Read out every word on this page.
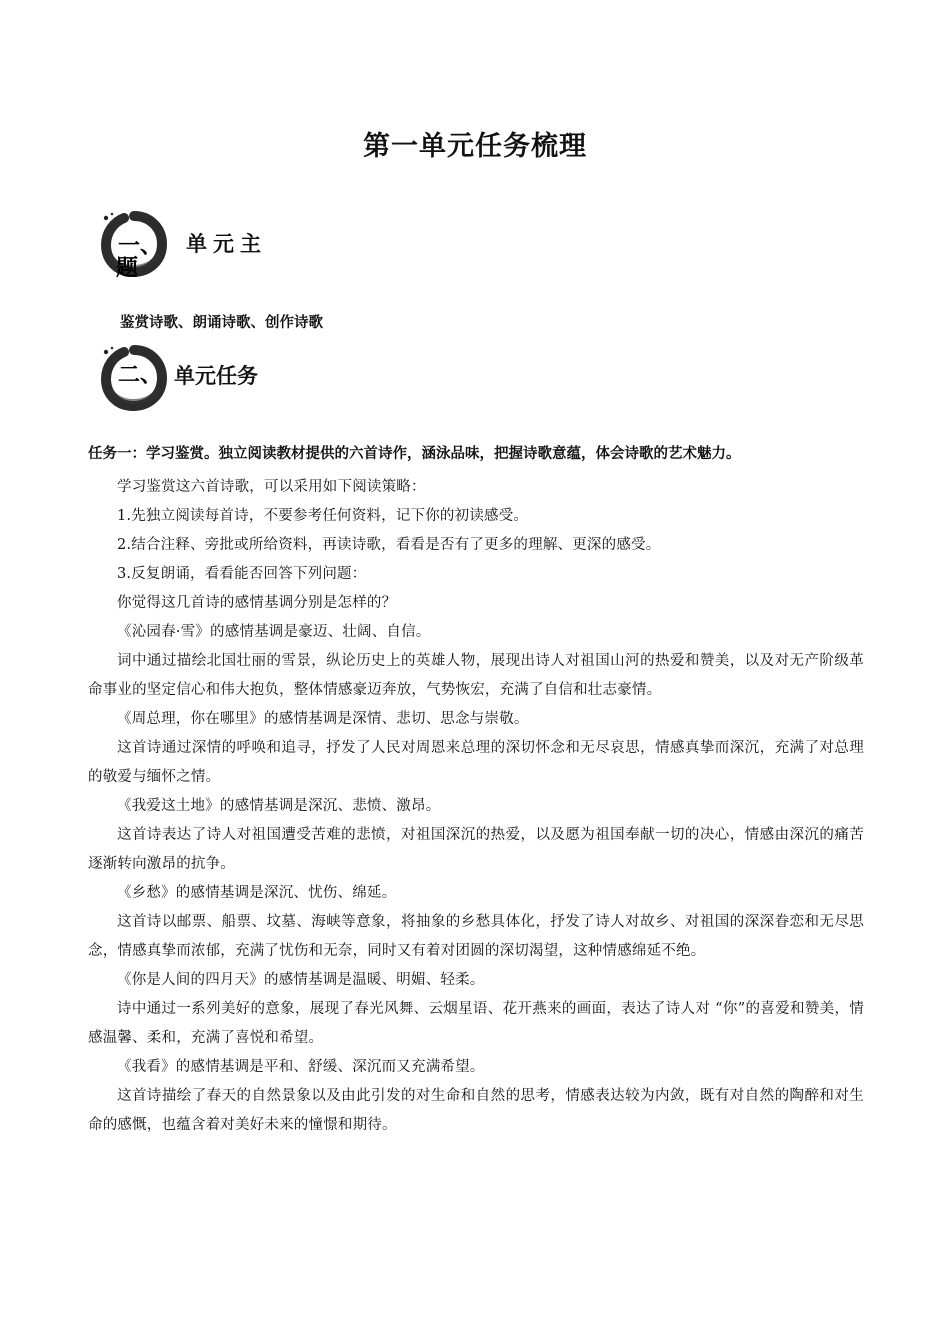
第一单元任务梳理
一、
题
单元主

鉴赏诗歌、朗诵诗歌、创作诗歌

二、 单元任务

任务一：学习鉴赏。独立阅读教材提供的六首诗作，涵泳品味，把握诗歌意蕴，体会诗歌的艺术魅力。

学习鉴赏这六首诗歌，可以采用如下阅读策略：

1.先独立阅读每首诗，不要参考任何资料，记下你的初读感受。

2.结合注释、旁批或所给资料，再读诗歌，看看是否有了更多的理解、更深的感受。

3.反复朗诵，看看能否回答下列问题：

你觉得这几首诗的感情基调分别是怎样的？

《沁园春·雪》的感情基调是豪迈、壮阔、自信。

词中通过描绘北国壮丽的雪景，纵论历史上的英雄人物，展现出诗人对祖国山河的热爱和赞美，以及对无产阶级革命事业的坚定信心和伟大抱负，整体情感豪迈奔放，气势恢宏，充满了自信和壮志豪情。

《周总理，你在哪里》的感情基调是深情、悲切、思念与崇敬。

这首诗通过深情的呼唤和追寻，抒发了人民对周恩来总理的深切怀念和无尽哀思，情感真挚而深沉，充满了对总理的敬爱与缅怀之情。

《我爱这土地》的感情基调是深沉、悲愤、激昂。

这首诗表达了诗人对祖国遭受苦难的悲愤，对祖国深沉的热爱，以及愿为祖国奉献一切的决心，情感由深沉的痛苦逐渐转向激昂的抗争。

《乡愁》的感情基调是深沉、忧伤、绵延。

这首诗以邮票、船票、坟墓、海峡等意象，将抽象的乡愁具体化，抒发了诗人对故乡、对祖国的深深眷恋和无尽思念，情感真挚而浓郁，充满了忧伤和无奈，同时又有着对团圆的深切渴望，这种情感绵延不绝。

《你是人间的四月天》的感情基调是温暖、明媚、轻柔。

诗中通过一系列美好的意象，展现了春光风舞、云烟星语、花开燕来的画面，表达了诗人对 “你”的喜爱和赞美，情感温馨、柔和，充满了喜悦和希望。

《我看》的感情基调是平和、舒缓、深沉而又充满希望。

这首诗描绘了春天的自然景象以及由此引发的对生命和自然的思考，情感表达较为内敛，既有对自然的陶醉和对生命的感慨，也蕴含着对美好未来的憧憬和期待。
